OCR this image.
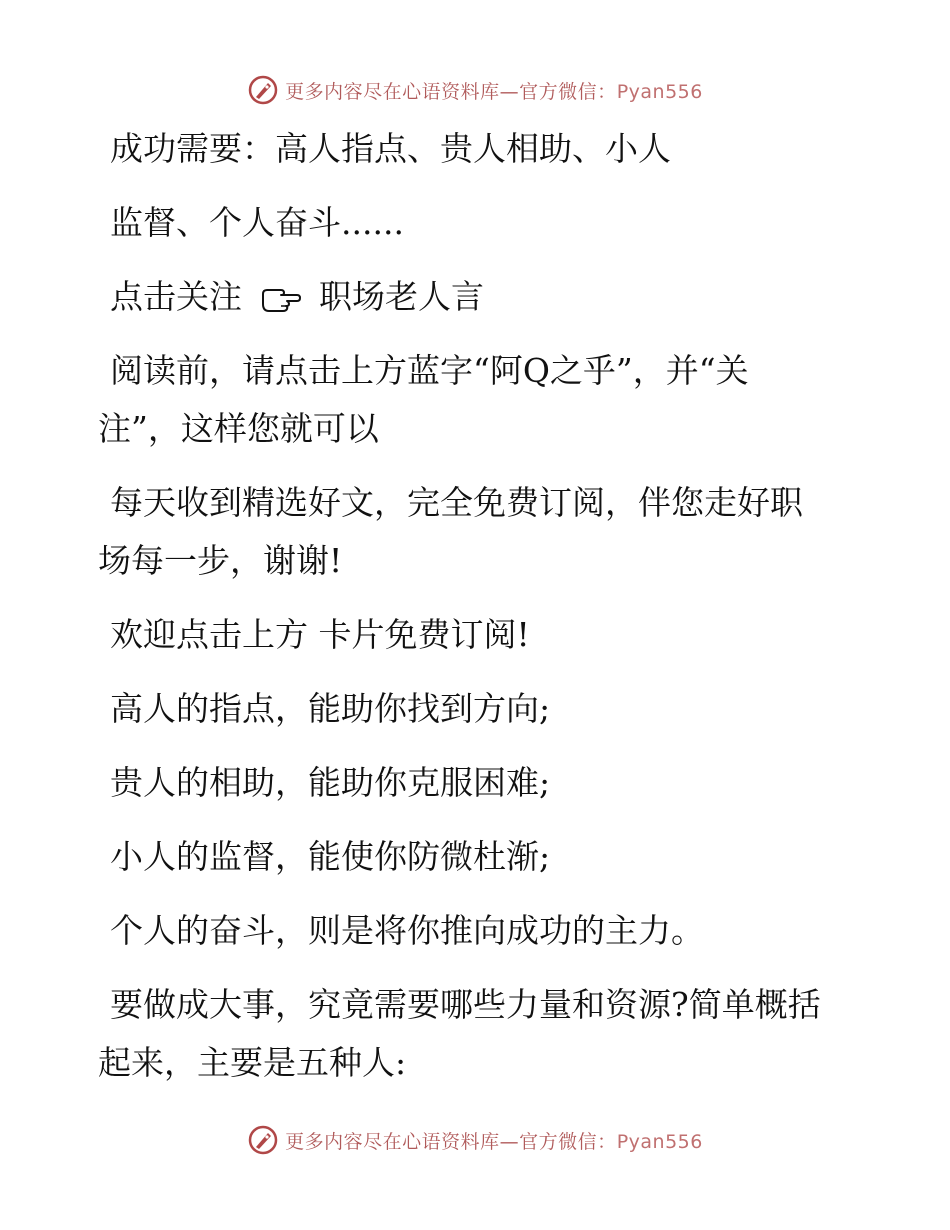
更多内容尽在心语资料库—官方微信：Pyan556

成功需要：高人指点、贵人相助、小人

监督、个人奋斗......

点击关注 职场老人言

阅读前，请点击上方蓝字“阿Q之乎”，并“关

注”，这样您就可以

每天收到精选好文，完全免费订阅，伴您走好职

场每一步，谢谢!

欢迎点击上方 卡片免费订阅!

高人的指点，能助你找到方向;

贵人的相助，能助你克服困难;

小人的监督，能使你防微杜渐;

个人的奋斗，则是将你推向成功的主力。

要做成大事，究竟需要哪些力量和资源?简单概括

起来，主要是五种人:

更多内容尽在心语资料库—官方微信：Pyan556
